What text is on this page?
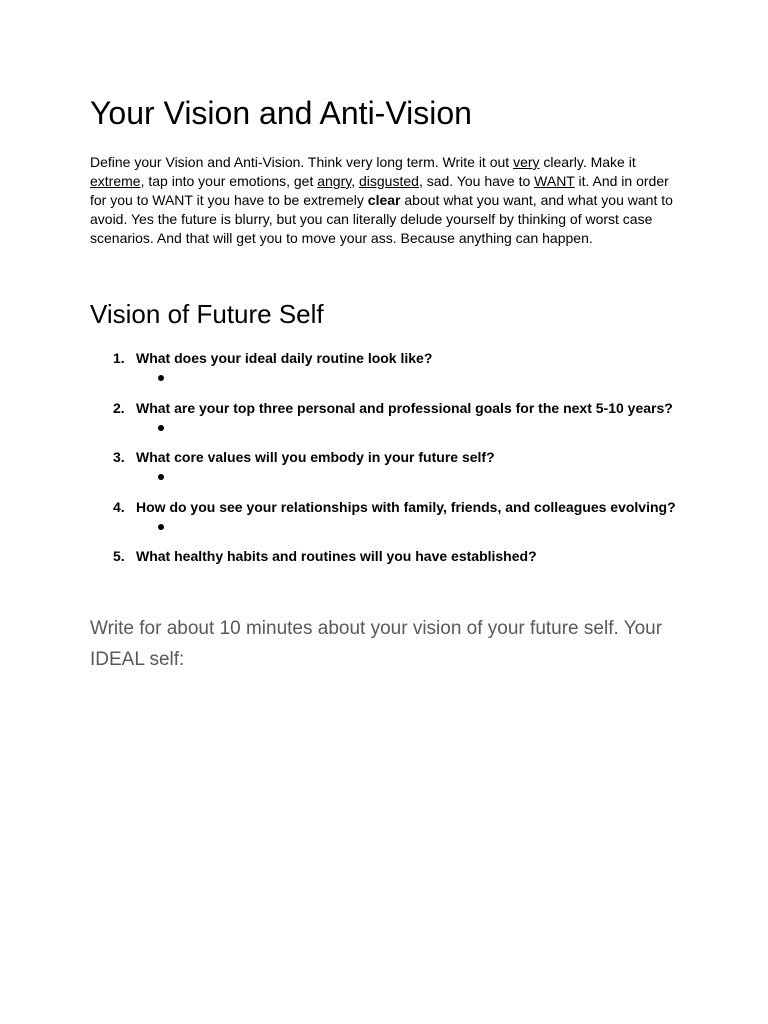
Your Vision and Anti-Vision

Define your Vision and Anti-Vision. Think very long term. Write it out very clearly. Make it extreme, tap into your emotions, get angry, disgusted, sad. You have to WANT it. And in order for you to WANT it you have to be extremely clear about what you want, and what you want to avoid. Yes the future is blurry, but you can literally delude yourself by thinking of worst case scenarios. And that will get you to move your ass. Because anything can happen.

Vision of Future Self
1. What does your ideal daily routine look like?
2. What are your top three personal and professional goals for the next 5-10 years?
3. What core values will you embody in your future self?
4. How do you see your relationships with family, friends, and colleagues evolving?
5. What healthy habits and routines will you have established?

Write for about 10 minutes about your vision of your future self. Your IDEAL self:
